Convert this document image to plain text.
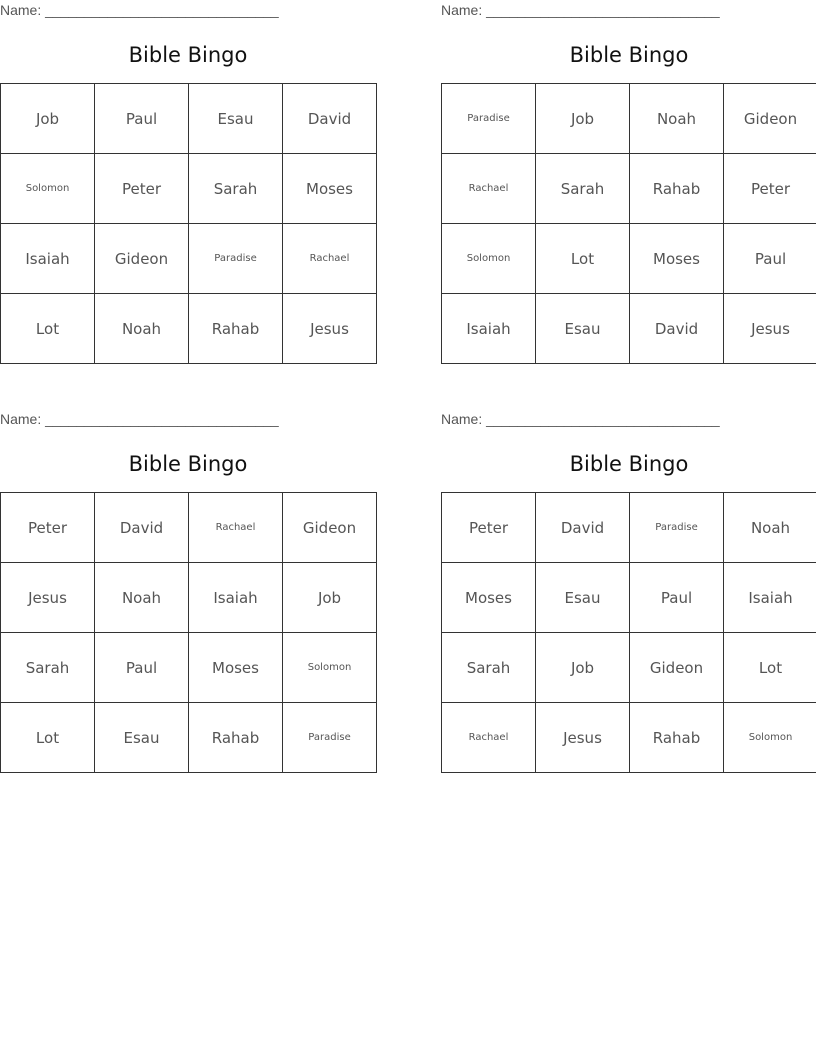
Name: ______________________________
Bible Bingo
Job	Paul	Esau	David
Solomon	Peter	Sarah	Moses
Isaiah	Gideon	Paradise	Rachael
Lot	Noah	Rahab	Jesus
Name: ______________________________
Bible Bingo
Paradise	Job	Noah	Gideon
Rachael	Sarah	Rahab	Peter
Solomon	Lot	Moses	Paul
Isaiah	Esau	David	Jesus
Name: ______________________________
Bible Bingo
Peter	David	Rachael	Gideon
Jesus	Noah	Isaiah	Job
Sarah	Paul	Moses	Solomon
Lot	Esau	Rahab	Paradise
Name: ______________________________
Bible Bingo
Peter	David	Paradise	Noah
Moses	Esau	Paul	Isaiah
Sarah	Job	Gideon	Lot
Rachael	Jesus	Rahab	Solomon
